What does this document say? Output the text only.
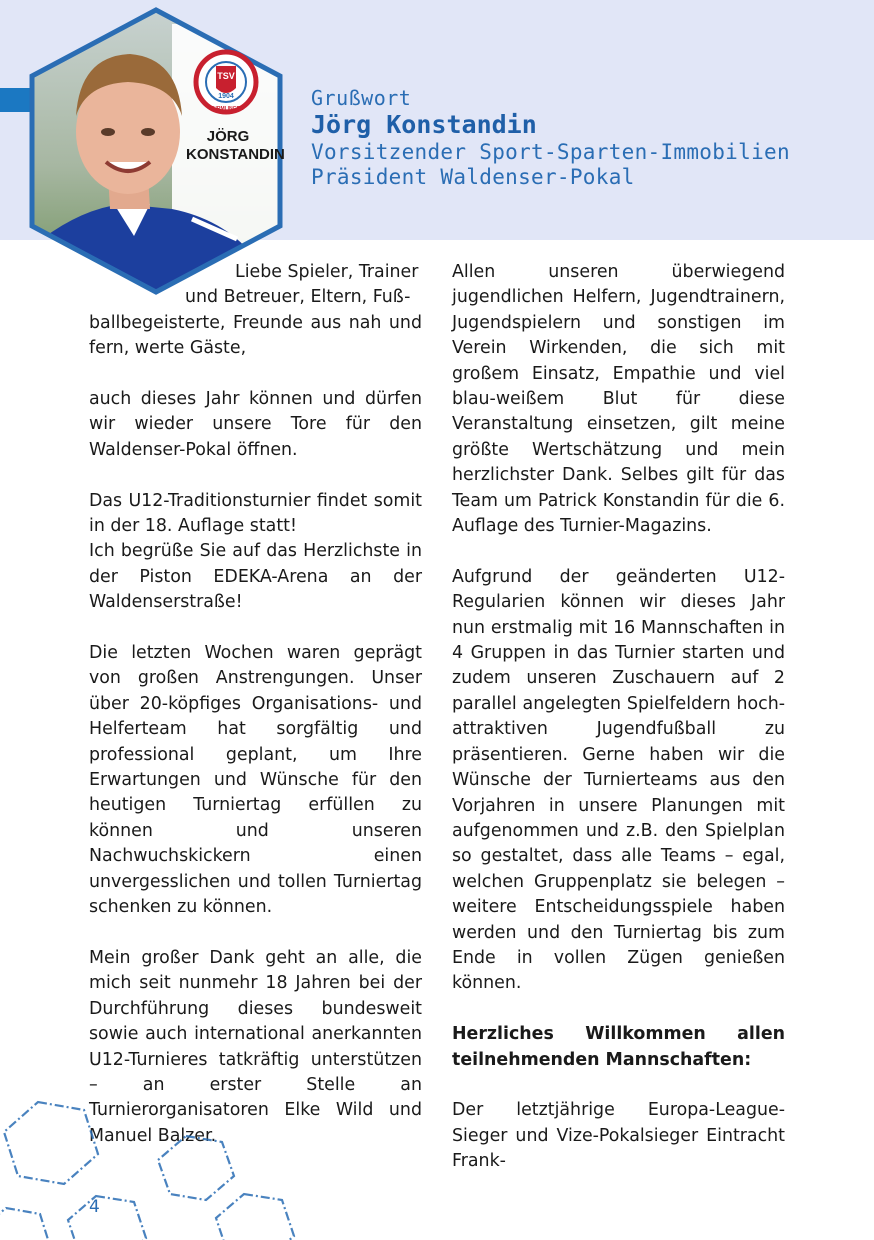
JÖRG
KONSTANDIN
TSV
1904
WURMLINGEN	Grußwort
Jörg Konstandin
Vorsitzender Sport-Sparten-Immobilien
Präsident Waldenser-Pokal

Liebe Spieler, Trainer
und Betreuer, Eltern, Fuß-
ballbegeisterte, Freunde aus nah und fern, werte Gäste,

auch dieses Jahr können und dürfen wir wieder unsere Tore für den Waldenser-Pokal öffnen.

Das U12-Traditionsturnier findet somit in der 18. Auflage statt!
Ich begrüße Sie auf das Herzlichste in der Piston EDEKA-Arena an der Waldenserstraße!

Die letzten Wochen waren geprägt von großen Anstrengungen. Unser über 20-köpfiges Organisations- und Helferteam hat sorgfältig und professional geplant, um Ihre Erwartungen und Wünsche für den heutigen Turniertag erfüllen zu können und unseren Nachwuchskickern einen unvergesslichen und tollen Turniertag schenken zu können.

Mein großer Dank geht an alle, die mich seit nunmehr 18 Jahren bei der Durchführung dieses bundesweit sowie auch international anerkannten U12-Turnieres tatkräftig unterstützen – an erster Stelle an Turnierorganisatoren Elke Wild und Manuel Balzer.

Allen unseren überwiegend jugendlichen Helfern, Jugendtrainern, Jugendspielern und sonstigen im Verein Wirkenden, die sich mit großem Einsatz, Empathie und viel blau-weißem Blut für diese Veranstaltung einsetzen, gilt meine größte Wertschätzung und mein herzlichster Dank. Selbes gilt für das Team um Patrick Konstandin für die 6. Auflage des Turnier-Magazins.

Aufgrund der geänderten U12-Regularien können wir dieses Jahr nun erstmalig mit 16 Mannschaften in 4 Gruppen in das Turnier starten und zudem unseren Zuschauern auf 2 parallel angelegten Spielfeldern hoch-attraktiven Jugendfußball zu präsentieren. Gerne haben wir die Wünsche der Turnierteams aus den Vorjahren in unsere Planungen mit aufgenommen und z.B. den Spielplan so gestaltet, dass alle Teams – egal, welchen Gruppenplatz sie belegen – weitere Entscheidungsspiele haben werden und den Turniertag bis zum Ende in vollen Zügen genießen können.

Herzliches Willkommen allen teilnehmenden Mannschaften:

Der letztjährige Europa-League-Sieger und Vize-Pokalsieger Eintracht Frank-

4
